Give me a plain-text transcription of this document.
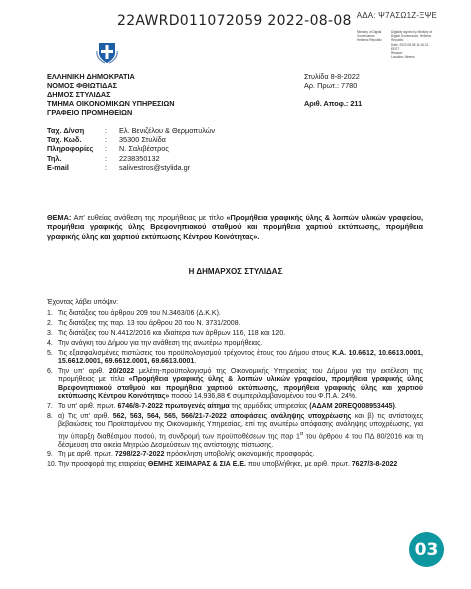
ΑΔΑ: Ψ7ΑΣΩ1Ζ-ΞΨΕ
22AWRD011072059 2022-08-08
Ministry of Digital
Governance,
Hellenic Republic
Digitally signed by Ministry of
Digital Governance, Hellenic
Republic
Date: 2022.08.08 11:16:21
EEST
Reason:
Location: Athens
ΕΛΛΗΝΙΚΗ ΔΗΜΟΚΡΑΤΙΑ
ΝΟΜΟΣ ΦΘΙΩΤΙΔΑΣ
ΔΗΜΟΣ ΣΤΥΛΙΔΑΣ
ΤΜΗΜΑ ΟΙΚΟΝΟΜΙΚΩΝ ΥΠΗΡΕΣΙΩΝ
ΓΡΑΦΕΙΟ ΠΡΟΜΗΘΕΙΩΝ
Στυλίδα 8-8-2022
Αρ. Πρωτ.: 7780
Αριθ. Αποφ.: 211
Ταχ. Δ/νση	:	Ελ. Βενιζέλου & Θερμοπυλών
Ταχ. Κωδ.	:	35300 Στυλίδα
Πληροφορίες	:	Ν. Σαλιβέστρος
Τηλ.	:	2238350132
E-mail	:	salivestros@stylida.gr
ΘΕΜΑ: Απ' ευθείας ανάθεση της προμήθειας με τίτλο «Προμήθεια γραφικής ύλης & λοιπών υλικών γραφείου, προμήθεια γραφικής ύλης Βρεφονηπιακού σταθμού και προμήθεια χαρτιού εκτύπωσης, προμήθεια γραφικής ύλης και χαρτιού εκτύπωσης Κέντρου Κοινότητας».
Η ΔΗΜΑΡΧΟΣ ΣΤΥΛΙΔΑΣ
Έχοντας λάβει υπόψιν:
1. Τις διατάξεις του άρθρου 209 του Ν.3463/06 (Δ.Κ.Κ).
2. Τις διατάξεις της παρ. 13 του άρθρου 20 του Ν. 3731/2008.
3. Τις διατάξεις του Ν.4412/2016 και ιδιαίτερα των άρθρων 116, 118 και 120.
4. Την ανάγκη του Δήμου για την ανάθεση της ανωτέρω προμήθειας.
5. Τις εξασφαλισμένες πιστώσεις του προϋπολογισμού τρέχοντος έτους του Δήμου στους Κ.Α. 10.6612, 10.6613.0001, 15.6612.0001, 69.6612.0001, 69.6613.0001.
6. Την υπ' αριθ. 20/2022 μελέτη-προϋπολογισμό της Οικονομικής Υπηρεσίας του Δήμου για την εκτέλεση της προμήθειας με τίτλο «Προμήθεια γραφικής ύλης & λοιπών υλικών γραφείου, προμήθεια γραφικής ύλης Βρεφονηπιακού σταθμού και προμήθεια χαρτιού εκτύπωσης, προμήθεια γραφικής ύλης και χαρτιού εκτύπωσης Κέντρου Κοινότητας» ποσού 14.936,88 € συμπεριλαμβανομένου του Φ.Π.Α. 24%.
7. Το υπ' αριθ. πρωτ. 6746/8-7-2022 πρωτογενές αίτημα της αρμόδιας υπηρεσίας (ΑΔΑΜ 20REQ008953445).
8. α) Τις υπ' αριθ. 562, 563, 564, 565, 566/21-7-2022 αποφάσεις ανάληψης υποχρέωσης και β) τις αντίστοιχες βεβαιώσεις του Προϊσταμένου της Οικονομικής Υπηρεσίας, επί της ανωτέρω απόφασης ανάληψης υποχρέωσης, για την ύπαρξη διαθέσιμου ποσού, τη συνδρομή των προϋποθέσεων της παρ $1^\alpha$ του άρθρου 4 του ΠΔ 80/2016 και τη δέσμευση στα οικεία Μητρώο Δεσμεύσεων της αντίστοιχης πίστωσης.
9. Τη με αριθ. πρωτ. 7298/22-7-2022 πρόσκληση υποβολής οικονομικής προσφοράς.
10. Την προσφορά της εταιρείας ΘΕΜΗΣ ΧΕΙΜΑΡΑΣ & ΣΙΑ Ε.Ε. που υποβλήθηκε, με αριθ. πρωτ. 7627/3-8-2022
03
